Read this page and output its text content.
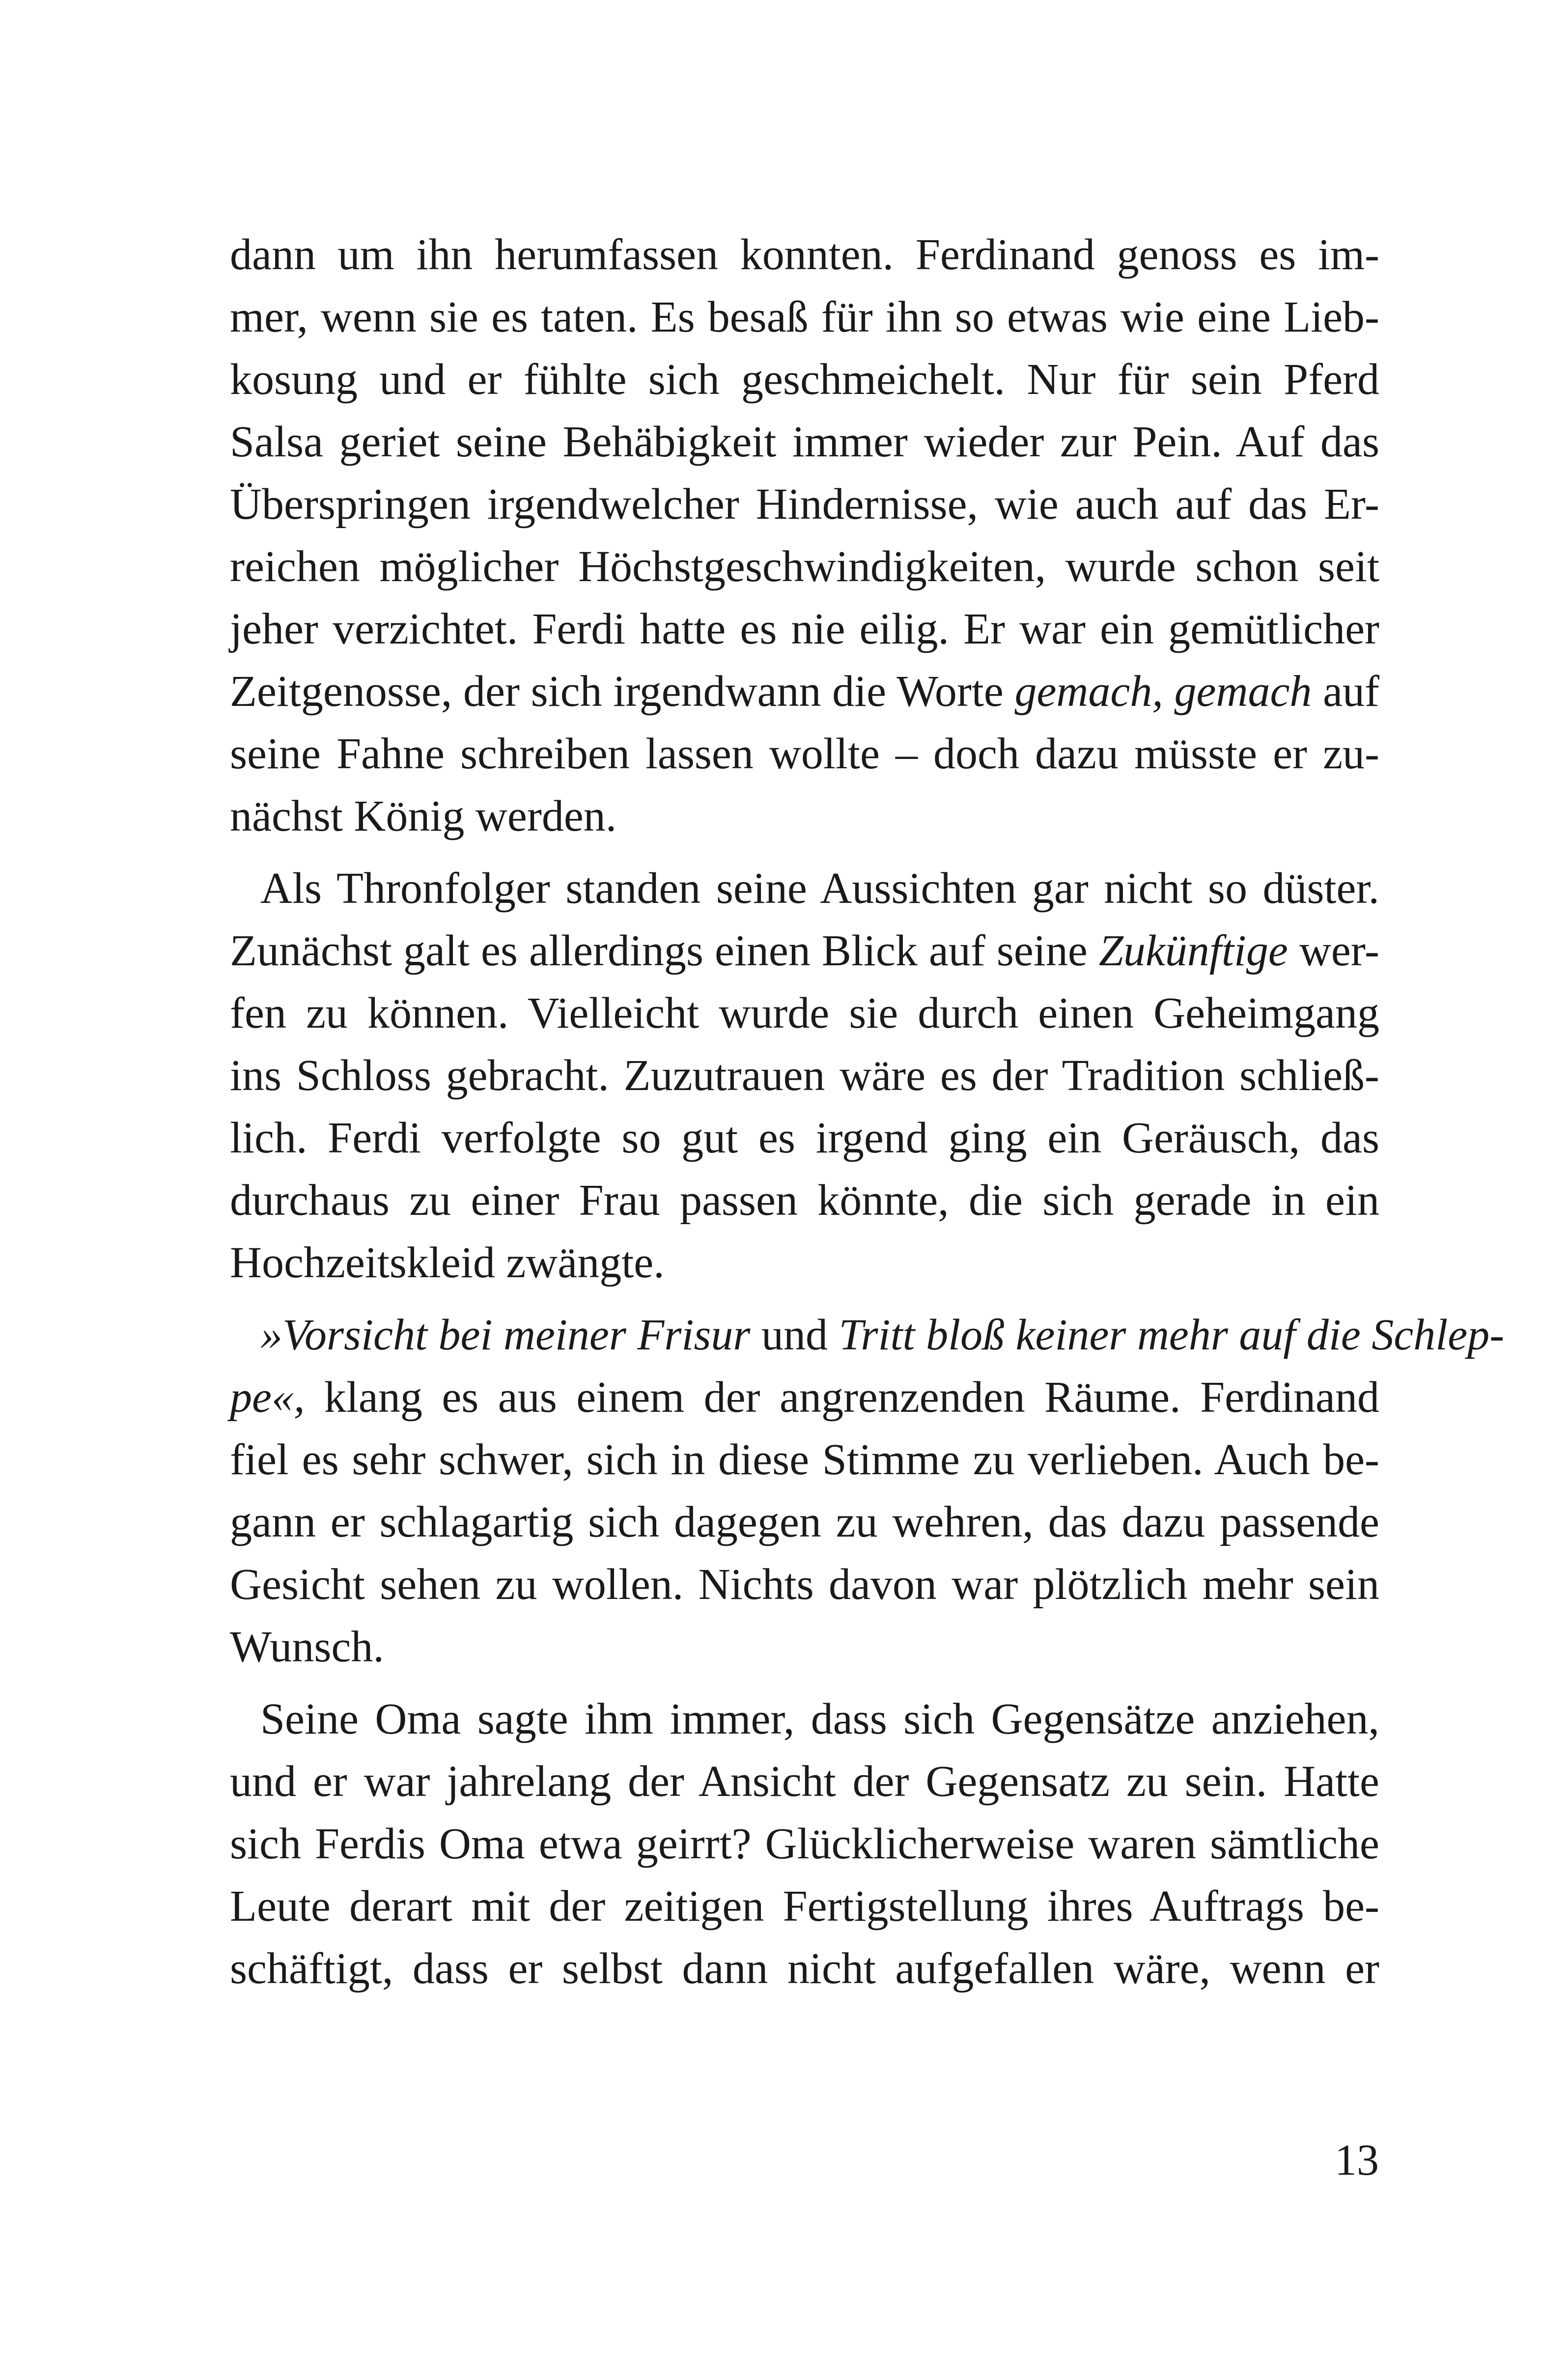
dann um ihn herumfassen konnten. Ferdinand genoss es im-
mer, wenn sie es taten. Es besaß für ihn so etwas wie eine Lieb-
kosung und er fühlte sich geschmeichelt. Nur für sein Pferd
Salsa geriet seine Behäbigkeit immer wieder zur Pein. Auf das
Überspringen irgendwelcher Hindernisse, wie auch auf das Er-
reichen möglicher Höchstgeschwindigkeiten, wurde schon seit
jeher verzichtet. Ferdi hatte es nie eilig. Er war ein gemütlicher
Zeitgenosse, der sich irgendwann die Worte gemach, gemach auf
seine Fahne schreiben lassen wollte – doch dazu müsste er zu-
nächst König werden.
Als Thronfolger standen seine Aussichten gar nicht so düster.
Zunächst galt es allerdings einen Blick auf seine Zukünftige wer-
fen zu können. Vielleicht wurde sie durch einen Geheimgang
ins Schloss gebracht. Zuzutrauen wäre es der Tradition schließ-
lich. Ferdi verfolgte so gut es irgend ging ein Geräusch, das
durchaus zu einer Frau passen könnte, die sich gerade in ein
Hochzeitskleid zwängte.
»Vorsicht bei meiner Frisur und Tritt bloß keiner mehr auf die Schlep-
pe«, klang es aus einem der angrenzenden Räume. Ferdinand
fiel es sehr schwer, sich in diese Stimme zu verlieben. Auch be-
gann er schlagartig sich dagegen zu wehren, das dazu passende
Gesicht sehen zu wollen. Nichts davon war plötzlich mehr sein
Wunsch.
Seine Oma sagte ihm immer, dass sich Gegensätze anziehen,
und er war jahrelang der Ansicht der Gegensatz zu sein. Hatte
sich Ferdis Oma etwa geirrt? Glücklicherweise waren sämtliche
Leute derart mit der zeitigen Fertigstellung ihres Auftrags be-
schäftigt, dass er selbst dann nicht aufgefallen wäre, wenn er
13
